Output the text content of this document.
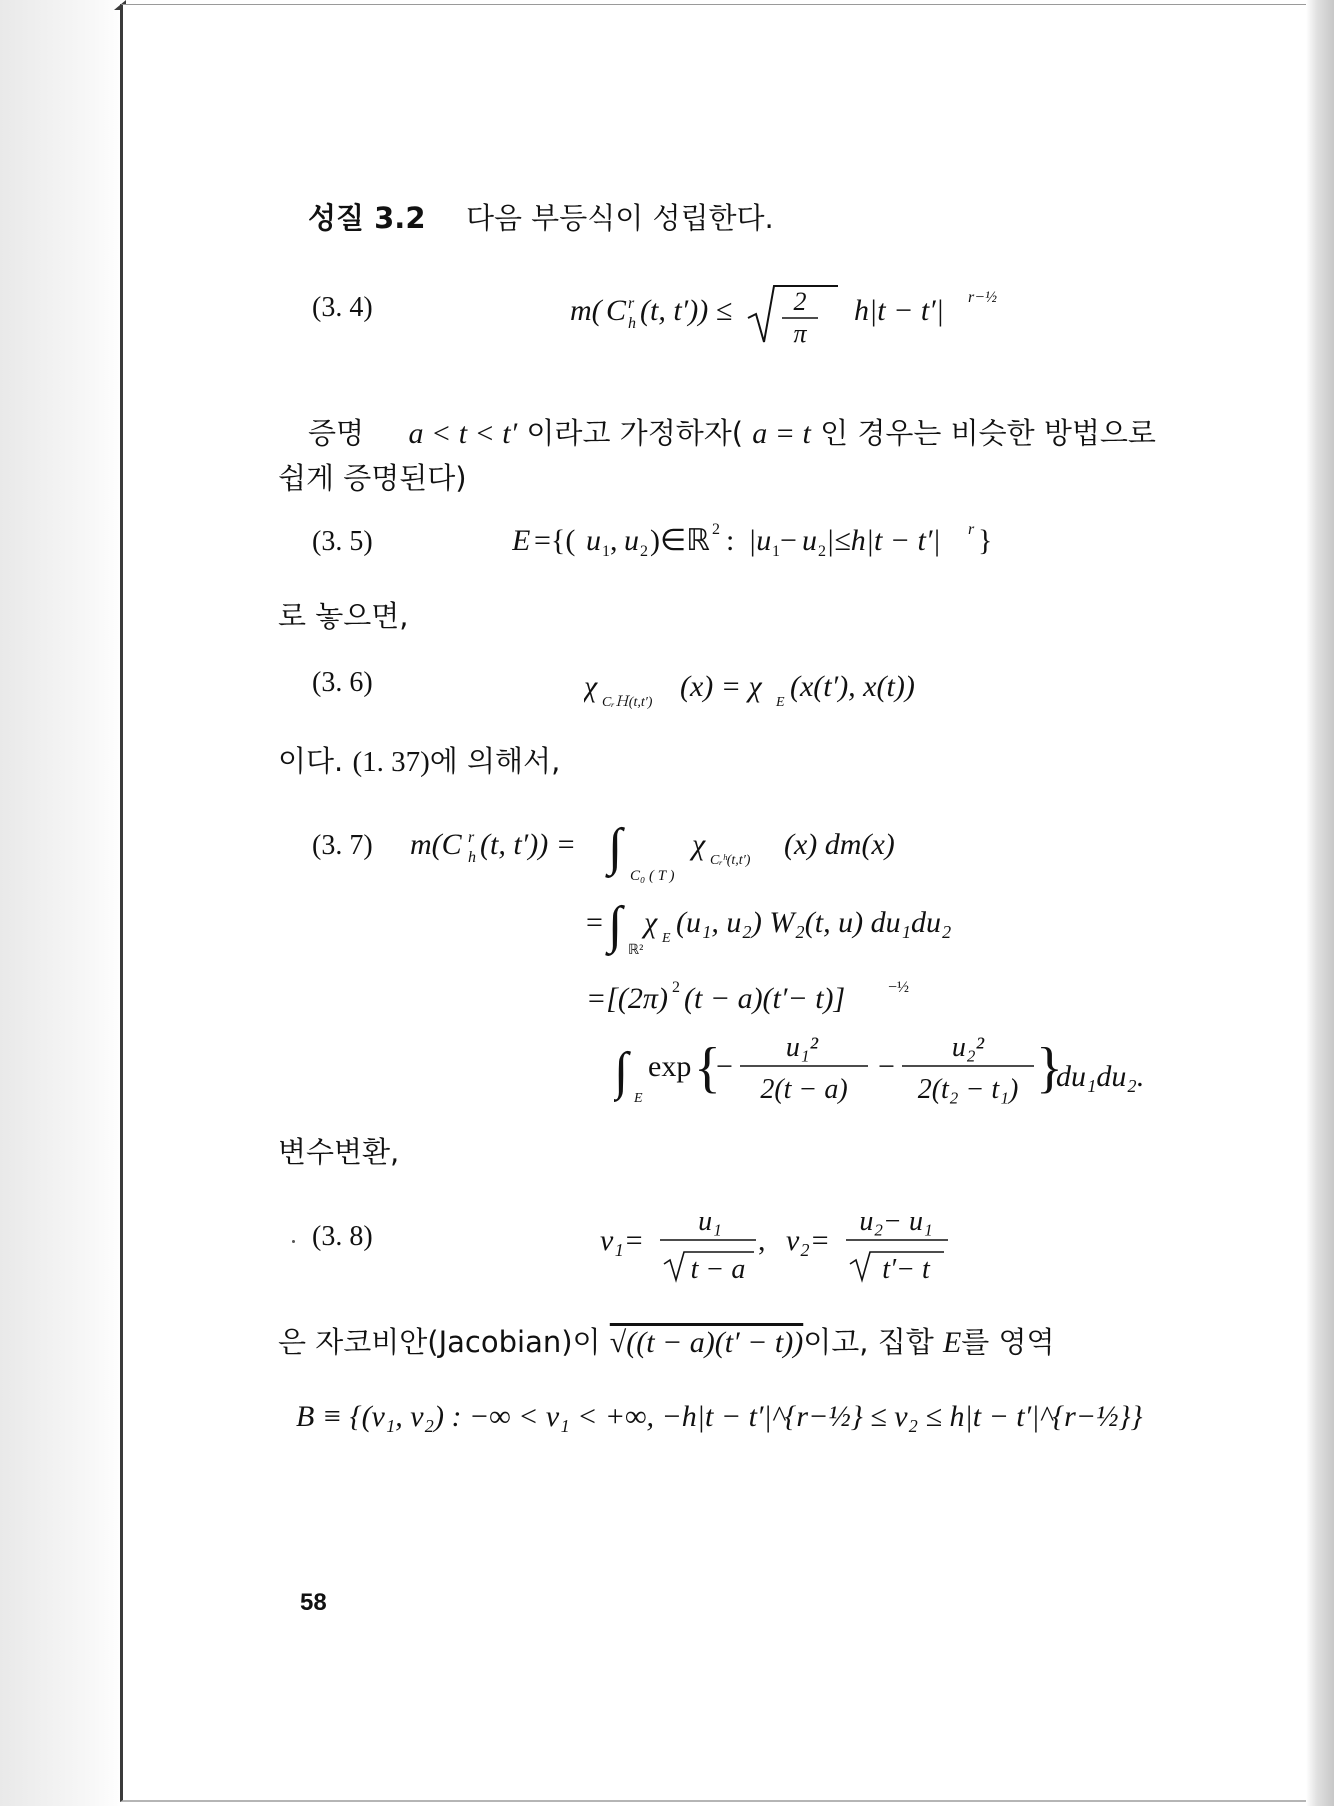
성질 3.2 다음 부등식이 성립한다.
(3. 4)	m( C r
h (t, t′)) ≤ 2
π
h|t − t′| r−½
증명 a < t < t′ 이라고 가정하자( a = t 인 경우는 비슷한 방법으로
쉽게 증명된다)
(3. 5)	E ={( u 1 , u 2 )∈ℝ 2 : |u 1 − u 2 |≤h|t − t′| r }
로 놓으면,
(3. 6)	χ CᵣＨ(t,t′) (x) = χ E (x(t′), x(t))
이다. (1. 37)에 의해서,
(3. 7) m(C r
h (t, t′)) = ∫ C₀ ( T )
χ Cᵣʰ(t,t′) (x) dm(x)
= ∫ ℝ²
χ E (u₁, u₂) W₂(t, u) du₁du₂
=[(2π) 2 (t − a)(t′− t)]	−½
∫ E
exp {
−
u₁²
2(t − a)
−
u₂²
2(t₂ − t₁) }
du₁du₂.
변수변환,
(3. 8)	v₁=
u₁
t − a
, v₂=
u₂− u₁
t′− t
은 자코비안(Jacobian)이 √((t − a)(t′ − t))이고, 집합 E를 영역
B ≡ {(v₁, v₂) : −∞ < v₁ < +∞, −h|t − t′|^{r−½} ≤ v₂ ≤ h|t − t′|^{r−½}}
58
